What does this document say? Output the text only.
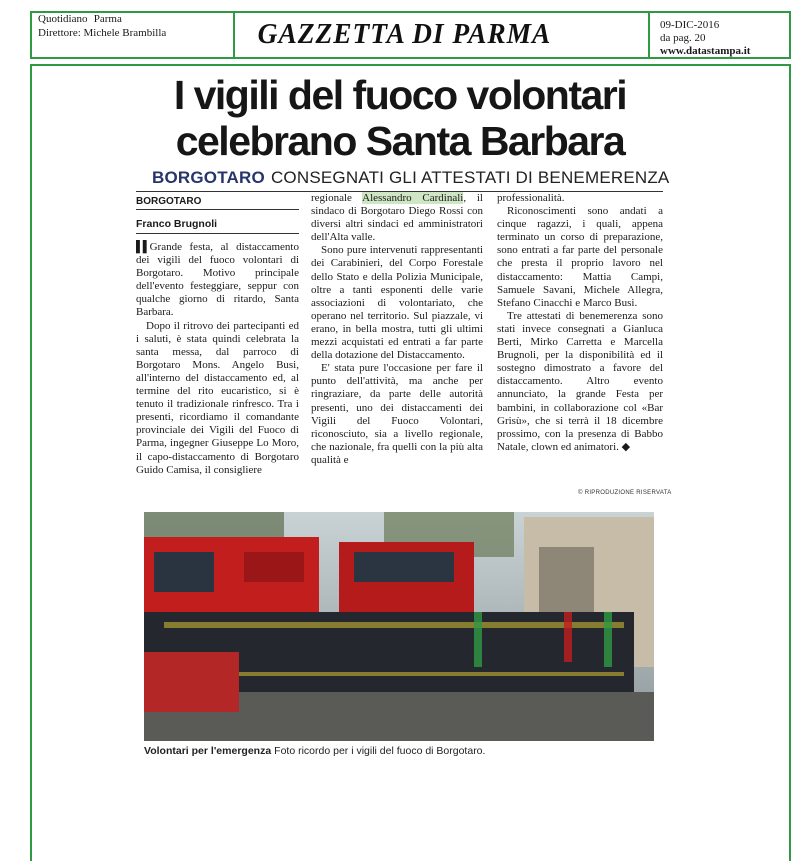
Quotidiano Parma
Direttore: Michele Brambilla	GAZZETTA DI PARMA	09-DIC-2016
da pag. 20
www.datastampa.it
I vigili del fuoco volontari
celebrano Santa Barbara
BORGOTARO CONSEGNATI GLI ATTESTATI DI BENEMERENZA
BORGOTARO
Franco Brugnoli

▌▌Grande festa, al distaccamento dei vigili del fuoco volontari di Borgotaro. Motivo principale dell'evento festeggiare, seppur con qualche giorno di ritardo, Santa Barbara.

Dopo il ritrovo dei partecipanti ed i saluti, è stata quindi celebrata la santa messa, dal parroco di Borgotaro Mons. Angelo Busi, all'interno del distaccamento ed, al termine del rito eucaristico, si è tenuto il tradizionale rinfresco. Tra i presenti, ricordiamo il comandante provinciale dei Vigili del Fuoco di Parma, ingegner Giuseppe Lo Moro, il capo-distaccamento di Borgotaro Guido Camisa, il consigliere

regionale Alessandro Cardinali, il sindaco di Borgotaro Diego Rossi con diversi altri sindaci ed amministratori dell'Alta valle.

Sono pure intervenuti rappresentanti dei Carabinieri, del Corpo Forestale dello Stato e della Polizia Municipale, oltre a tanti esponenti delle varie associazioni di volontariato, che operano nel territorio. Sul piazzale, vi erano, in bella mostra, tutti gli ultimi mezzi acquistati ed entrati a far parte della dotazione del Distaccamento.

E' stata pure l'occasione per fare il punto dell'attività, ma anche per ringraziare, da parte delle autorità presenti, uno dei distaccamenti dei Vigili del Fuoco Volontari, riconosciuto, sia a livello regionale, che nazionale, fra quelli con la più alta qualità e

professionalità.

Riconoscimenti sono andati a cinque ragazzi, i quali, appena terminato un corso di preparazione, sono entrati a far parte del personale che presta il proprio lavoro nel distaccamento: Mattia Campi, Samuele Savani, Michele Allegra, Stefano Cinacchi e Marco Busi.

Tre attestati di benemerenza sono stati invece consegnati a Gianluca Berti, Mirko Carretta e Marcella Brugnoli, per la disponibilità ed il sostegno dimostrato a favore del distaccamento. Altro evento annunciato, la grande Festa per bambini, in collaborazione col «Bar Grisù», che si terrà il 18 dicembre prossimo, con la presenza di Babbo Natale, clown ed animatori. ◆

© RIPRODUZIONE RISERVATA
Volontari per l'emergenza Foto ricordo per i vigili del fuoco di Borgotaro.
